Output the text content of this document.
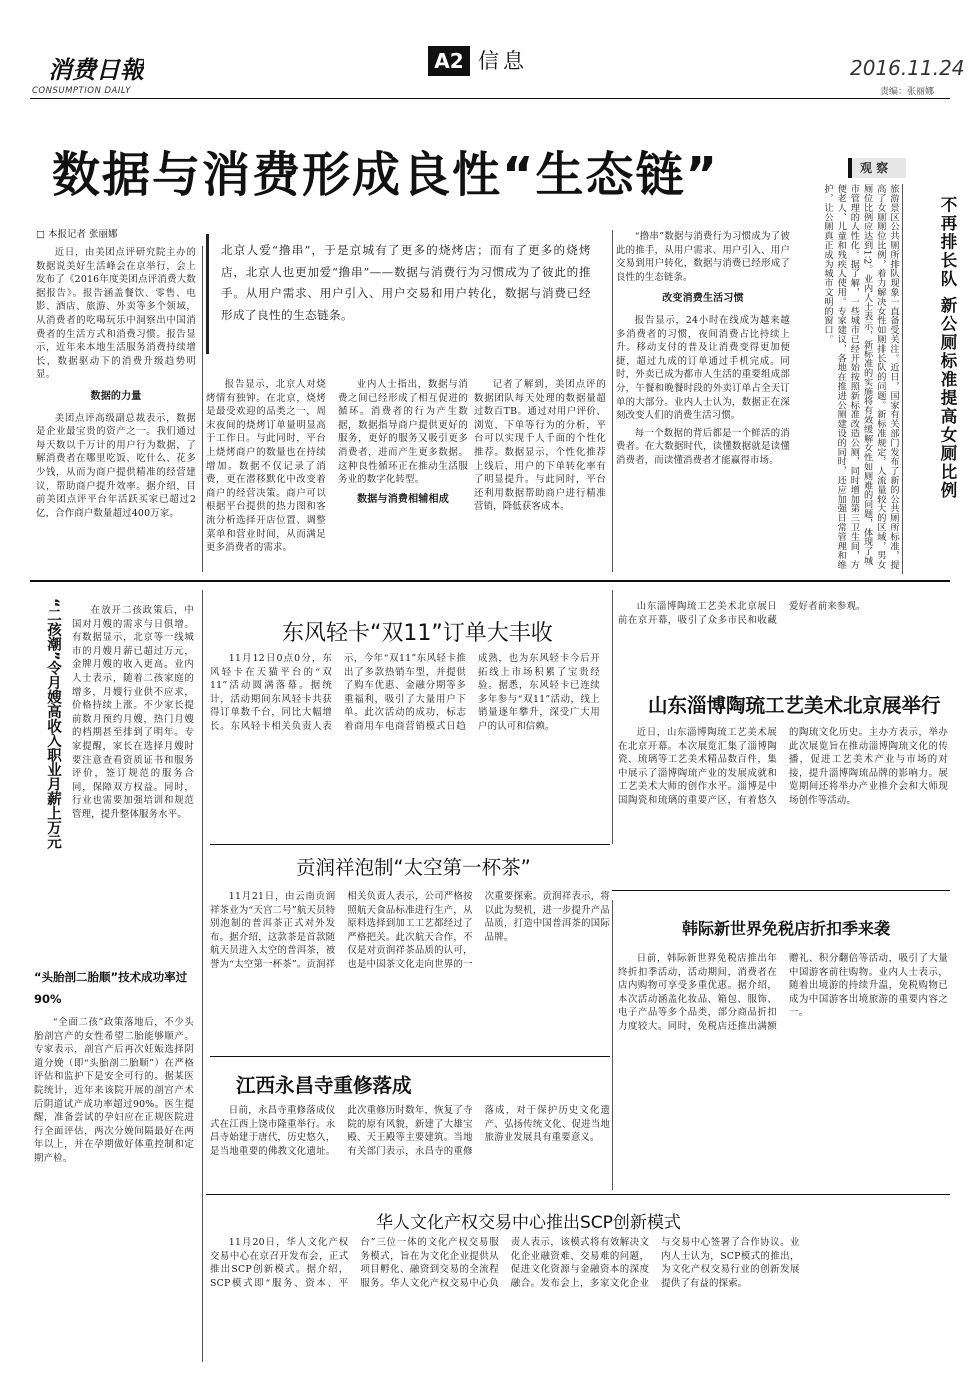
消费日報
CONSUMPTION DAILY
A2 信息	2016.11.24
责编：张丽娜
数据与消费形成良性“生态链”
□ 本报记者 张丽娜
北京人爱“撸串”，于是京城有了更多的烧烤店；而有了更多的烧烤店，北京人也更加爱“撸串”——数据与消费行为习惯成为了彼此的推手。从用户需求、用户引入、用户交易和用户转化，数据与消费已经形成了良性的生态链条。

近日，由美团点评研究院主办的数据说美好生活峰会在京举行，会上发布了《2016年度美团点评消费大数据报告》。报告涵盖餐饮、零售、电影、酒店、旅游、外卖等多个领域，从消费者的吃喝玩乐中洞察出中国消费者的生活方式和消费习惯。报告显示，近年来本地生活服务消费持续增长，数据驱动下的消费升级趋势明显。

数据的力量

美团点评高级副总裁表示，数据是企业最宝贵的资产之一。我们通过每天数以千万计的用户行为数据，了解消费者在哪里吃饭、吃什么、花多少钱，从而为商户提供精准的经营建议，帮助商户提升效率。据介绍，目前美团点评平台年活跃买家已超过2亿，合作商户数量超过400万家。

报告显示，北京人对烧烤情有独钟。在北京，烧烤是最受欢迎的品类之一，周末夜间的烧烤订单量明显高于工作日。与此同时，平台上烧烤商户的数量也在持续增加。数据不仅记录了消费，更在潜移默化中改变着商户的经营决策。商户可以根据平台提供的热力图和客流分析选择开店位置、调整菜单和营业时间，从而满足更多消费者的需求。

业内人士指出，数据与消费之间已经形成了相互促进的循环。消费者的行为产生数据，数据指导商户提供更好的服务，更好的服务又吸引更多消费者，进而产生更多数据。这种良性循环正在推动生活服务业的数字化转型。

数据与消费相辅相成

记者了解到，美团点评的数据团队每天处理的数据量超过数百TB。通过对用户评价、浏览、下单等行为的分析，平台可以实现千人千面的个性化推荐。数据显示，个性化推荐上线后，用户的下单转化率有了明显提升。与此同时，平台还利用数据帮助商户进行精准营销，降低获客成本。

“撸串”数据与消费行为习惯成为了彼此的推手，从用户需求、用户引入、用户交易到用户转化，数据与消费已经形成了良性的生态链条。

改变消费生活习惯

报告显示，24小时在线成为越来越多消费者的习惯，夜间消费占比持续上升。移动支付的普及让消费变得更加便捷，超过九成的订单通过手机完成。同时，外卖已成为都市人生活的重要组成部分，午餐和晚餐时段的外卖订单占全天订单的大部分。业内人士认为，数据正在深刻改变人们的消费生活习惯。

每一个数据的背后都是一个鲜活的消费者。在大数据时代，读懂数据就是读懂消费者，而读懂消费者才能赢得市场。

观 察
旅游景区公共厕所排队现象一直备受关注。近日，国家有关部门发布了新的公共厕所标准，提高了女厕厕位比例，着力解决女性如厕排长队的问题。新标准规定，人流量较大的区域，男女厕位比例应达到1∶2。业内人士表示，新标准的实施将有效缓解女性如厕难的问题，体现了城市管理的人性化。据了解，一些城市已经开始按照新标准改造公厕，同时增加第三卫生间，方便老人、儿童和残疾人使用。专家建议，各地在推进公厕建设的同时，还应加强日常管理和维护，让公厕真正成为城市文明的窗口。	不再排长队 新公厕标准提高女厕比例
“二孩潮”令月嫂高收入职业月薪上万元	在放开二孩政策后，中国对月嫂的需求与日俱增。有数据显示，北京等一线城市的月嫂月薪已超过万元，金牌月嫂的收入更高。业内人士表示，随着二孩家庭的增多，月嫂行业供不应求，价格持续上涨。不少家长提前数月预约月嫂，热门月嫂的档期甚至排到了明年。专家提醒，家长在选择月嫂时要注意查看资质证书和服务评价，签订规范的服务合同，保障双方权益。同时，行业也需要加强培训和规范管理，提升整体服务水平。

“头胎剖二胎顺”技术成功率过90%

“全面二孩”政策落地后，不少头胎剖宫产的女性希望二胎能够顺产。专家表示，剖宫产后再次妊娠选择阴道分娩（即“头胎剖二胎顺”）在严格评估和监护下是安全可行的。据某医院统计，近年来该院开展的剖宫产术后阴道试产成功率超过90%。医生提醒，准备尝试的孕妇应在正规医院进行全面评估，两次分娩间隔最好在两年以上，并在孕期做好体重控制和定期产检。

东风轻卡“双11”订单大丰收

11月12日0点0分，东风轻卡在天猫平台的“双11”活动圆满落幕。据统计，活动期间东风轻卡共获得订单数千台，同比大幅增长。东风轻卡相关负责人表示，今年“双11”东风轻卡推出了多款热销车型，并提供了购车优惠、金融分期等多重福利，吸引了大量用户下单。此次活动的成功，标志着商用车电商营销模式日趋成熟，也为东风轻卡今后开拓线上市场积累了宝贵经验。据悉，东风轻卡已连续多年参与“双11”活动，线上销量逐年攀升，深受广大用户的认可和信赖。

山东淄博陶琉工艺美术北京展日前在京开幕，吸引了众多市民和收藏爱好者前来参观。

山东淄博陶琉工艺美术北京展举行

近日，山东淄博陶琉工艺美术展在北京开幕。本次展览汇集了淄博陶瓷、琉璃等工艺美术精品数百件，集中展示了淄博陶琉产业的发展成就和工艺美术大师的创作水平。淄博是中国陶瓷和琉璃的重要产区，有着悠久的陶琉文化历史。主办方表示，举办此次展览旨在推动淄博陶琉文化的传播，促进工艺美术产业与市场的对接，提升淄博陶琉品牌的影响力。展览期间还将举办产业推介会和大师现场创作等活动。

贡润祥泡制“太空第一杯茶”

11月21日，由云南贡润祥茶业为“天宫二号”航天员特别泡制的普洱茶正式对外发布。据介绍，这款茶是首款随航天员进入太空的普洱茶，被誉为“太空第一杯茶”。贡润祥相关负责人表示，公司严格按照航天食品标准进行生产，从原料选择到加工工艺都经过了严格把关。此次航天合作，不仅是对贡润祥茶品质的认可，也是中国茶文化走向世界的一次重要探索。贡润祥表示，将以此为契机，进一步提升产品品质，打造中国普洱茶的国际品牌。	韩际新世界免税店折扣季来袭

日前，韩际新世界免税店推出年终折扣季活动，活动期间，消费者在店内购物可享受多重优惠。据介绍，本次活动涵盖化妆品、箱包、服饰、电子产品等多个品类，部分商品折扣力度较大。同时，免税店还推出满额赠礼、积分翻倍等活动，吸引了大量中国游客前往购物。业内人士表示，随着出境游的持续升温，免税购物已成为中国游客出境旅游的重要内容之一。

江西永昌寺重修落成

日前，永昌寺重修落成仪式在江西上饶市隆重举行。永昌寺始建于唐代，历史悠久，是当地重要的佛教文化遗址。此次重修历时数年，恢复了寺院的原有风貌，新建了大雄宝殿、天王殿等主要建筑。当地有关部门表示，永昌寺的重修落成，对于保护历史文化遗产、弘扬传统文化、促进当地旅游业发展具有重要意义。

华人文化产权交易中心推出SCP创新模式

11月20日，华人文化产权交易中心在京召开发布会，正式推出SCP创新模式。据介绍，SCP模式即“服务、资本、平台”三位一体的文化产权交易服务模式，旨在为文化企业提供从项目孵化、融资到交易的全流程服务。华人文化产权交易中心负责人表示，该模式将有效解决文化企业融资难、交易难的问题，促进文化资源与金融资本的深度融合。发布会上，多家文化企业与交易中心签署了合作协议。业内人士认为，SCP模式的推出，为文化产权交易行业的创新发展提供了有益的探索。
